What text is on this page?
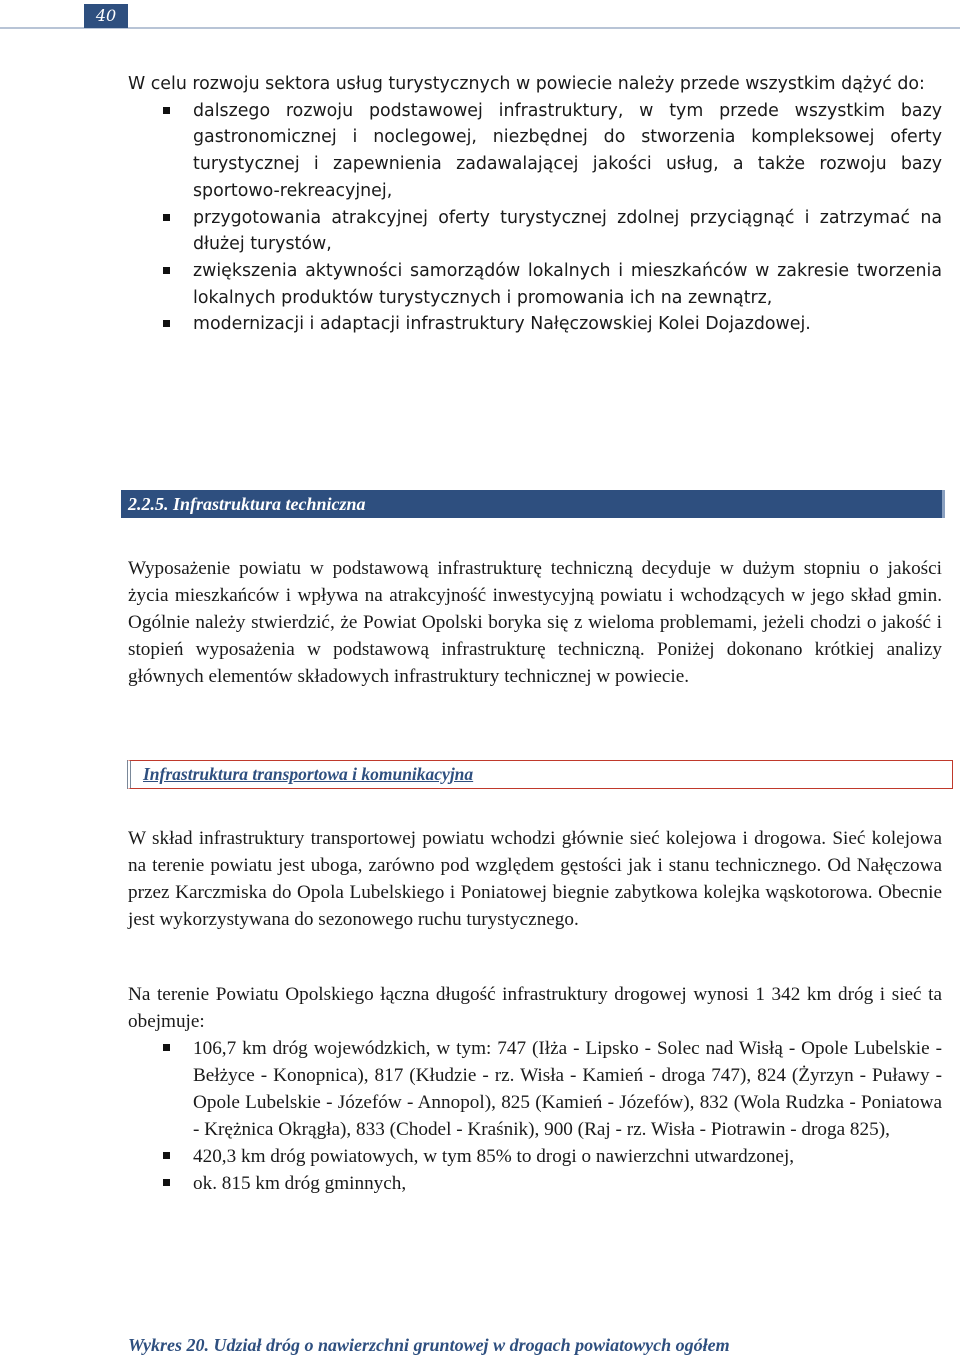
40
W celu rozwoju sektora usług turystycznych w powiecie należy przede wszystkim dążyć do:
dalszego rozwoju podstawowej infrastruktury, w tym przede wszystkim bazy gastronomicznej i noclegowej, niezbędnej do stworzenia kompleksowej oferty turystycznej i zapewnienia zadawalającej jakości usług, a także rozwoju bazy sportowo-rekreacyjnej,
przygotowania atrakcyjnej oferty turystycznej zdolnej przyciągnąć i zatrzymać na dłużej turystów,
zwiększenia aktywności samorządów lokalnych i mieszkańców w zakresie tworzenia lokalnych produktów turystycznych i promowania ich na zewnątrz,
modernizacji i adaptacji infrastruktury Nałęczowskiej Kolei Dojazdowej.
2.2.5. Infrastruktura techniczna
Wyposażenie powiatu w podstawową infrastrukturę techniczną decyduje w dużym stopniu o jakości życia mieszkańców i wpływa na atrakcyjność inwestycyjną powiatu i wchodzących w jego skład gmin. Ogólnie należy stwierdzić, że Powiat Opolski boryka się z wieloma problemami, jeżeli chodzi o jakość i stopień wyposażenia w podstawową infrastrukturę techniczną. Poniżej dokonano krótkiej analizy głównych elementów składowych infrastruktury technicznej w powiecie.
Infrastruktura transportowa i komunikacyjna
W skład infrastruktury transportowej powiatu wchodzi głównie sieć kolejowa i drogowa. Sieć kolejowa na terenie powiatu jest uboga, zarówno pod względem gęstości jak i stanu technicznego. Od Nałęczowa przez Karczmiska do Opola Lubelskiego i Poniatowej biegnie zabytkowa kolejka wąskotorowa. Obecnie jest wykorzystywana do sezonowego ruchu turystycznego.
Na terenie Powiatu Opolskiego łączna długość infrastruktury drogowej wynosi 1 342 km dróg i sieć ta obejmuje:
106,7 km dróg wojewódzkich, w tym: 747 (Iłża - Lipsko - Solec nad Wisłą - Opole Lubelskie - Bełżyce - Konopnica), 817 (Kłudzie - rz. Wisła - Kamień - droga 747), 824 (Żyrzyn - Puławy - Opole Lubelskie - Józefów - Annopol), 825 (Kamień - Józefów), 832 (Wola Rudzka - Poniatowa - Krężnica Okrągła), 833 (Chodel - Kraśnik), 900 (Raj - rz. Wisła - Piotrawin - droga 825),
420,3 km dróg powiatowych, w tym 85% to drogi o nawierzchni utwardzonej,
ok. 815 km dróg gminnych,
Wykres 20. Udział dróg o nawierzchni gruntowej w drogach powiatowych ogółem
